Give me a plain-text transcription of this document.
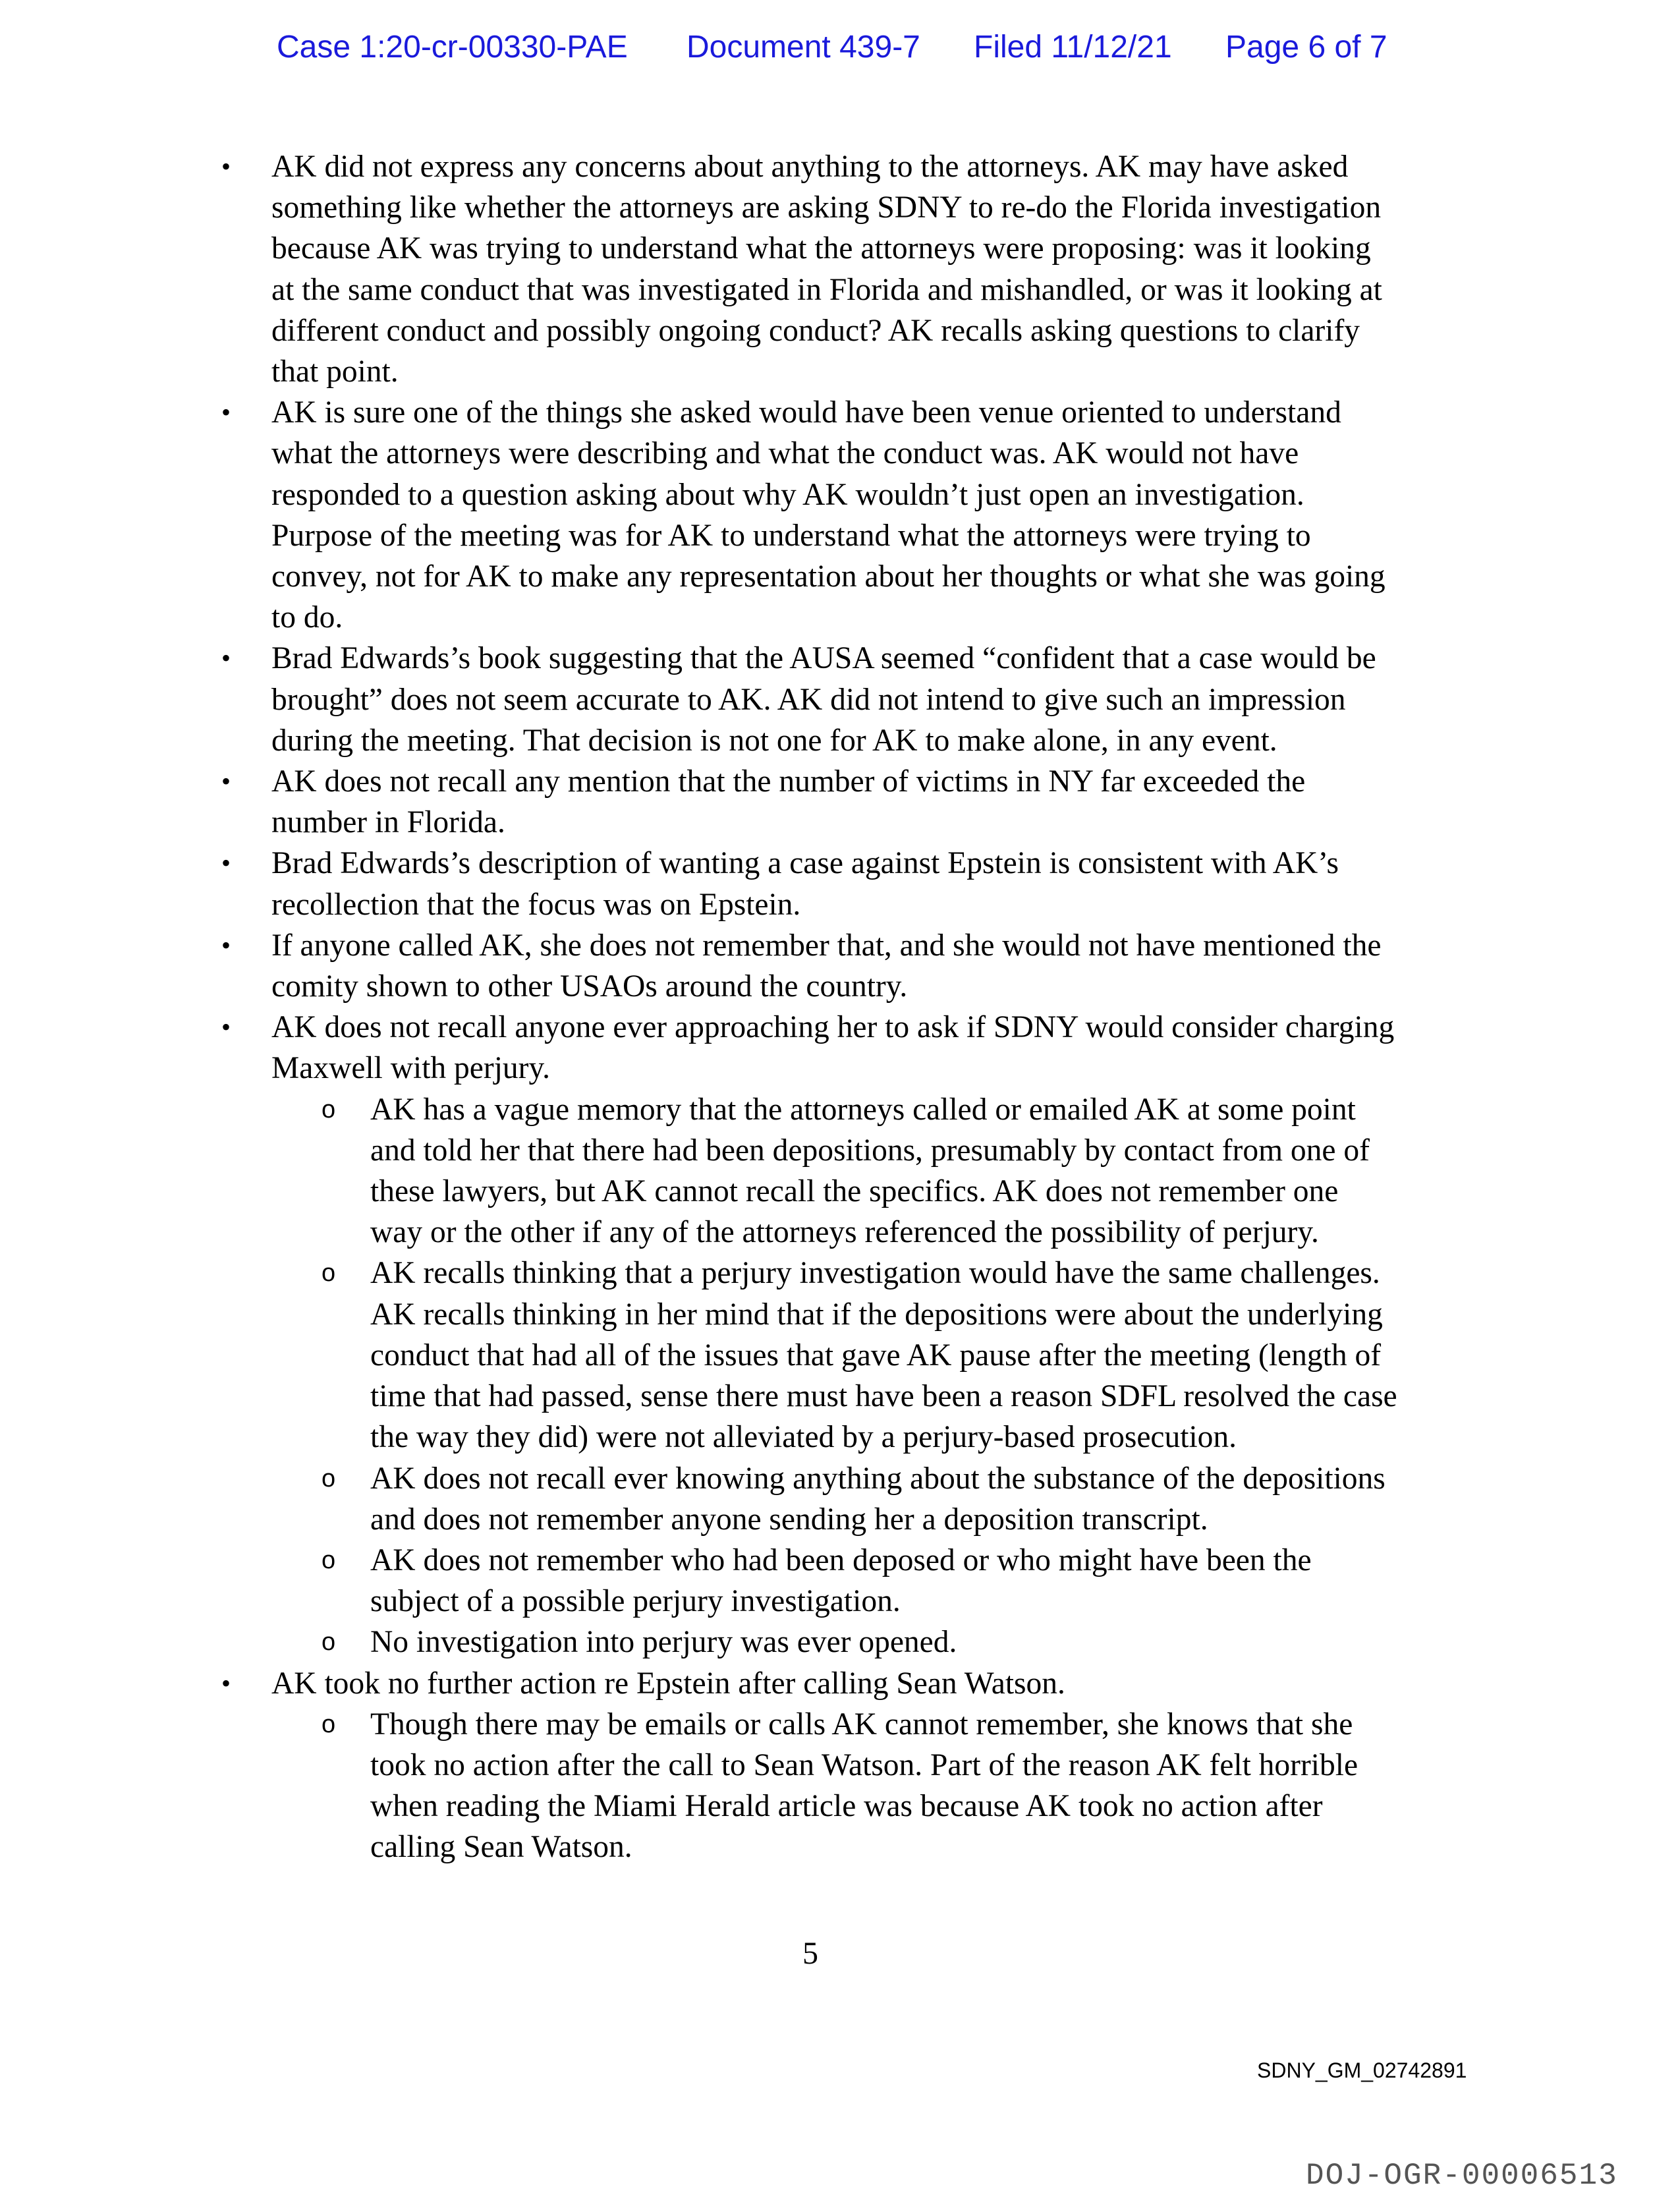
Case 1:20-cr-00330-PAE Document 439-7 Filed 11/12/21 Page 6 of 7
• AK did not express any concerns about anything to the attorneys. AK may have asked
something like whether the attorneys are asking SDNY to re-do the Florida investigation
because AK was trying to understand what the attorneys were proposing: was it looking
at the same conduct that was investigated in Florida and mishandled, or was it looking at
different conduct and possibly ongoing conduct? AK recalls asking questions to clarify
that point.
• AK is sure one of the things she asked would have been venue oriented to understand
what the attorneys were describing and what the conduct was. AK would not have
responded to a question asking about why AK wouldn’t just open an investigation.
Purpose of the meeting was for AK to understand what the attorneys were trying to
convey, not for AK to make any representation about her thoughts or what she was going
to do.
• Brad Edwards’s book suggesting that the AUSA seemed “confident that a case would be
brought” does not seem accurate to AK. AK did not intend to give such an impression
during the meeting. That decision is not one for AK to make alone, in any event.
• AK does not recall any mention that the number of victims in NY far exceeded the
number in Florida.
• Brad Edwards’s description of wanting a case against Epstein is consistent with AK’s
recollection that the focus was on Epstein.
• If anyone called AK, she does not remember that, and she would not have mentioned the
comity shown to other USAOs around the country.
• AK does not recall anyone ever approaching her to ask if SDNY would consider charging
Maxwell with perjury.
o AK has a vague memory that the attorneys called or emailed AK at some point
and told her that there had been depositions, presumably by contact from one of
these lawyers, but AK cannot recall the specifics. AK does not remember one
way or the other if any of the attorneys referenced the possibility of perjury.
o AK recalls thinking that a perjury investigation would have the same challenges.
AK recalls thinking in her mind that if the depositions were about the underlying
conduct that had all of the issues that gave AK pause after the meeting (length of
time that had passed, sense there must have been a reason SDFL resolved the case
the way they did) were not alleviated by a perjury-based prosecution.
o AK does not recall ever knowing anything about the substance of the depositions
and does not remember anyone sending her a deposition transcript.
o AK does not remember who had been deposed or who might have been the
subject of a possible perjury investigation.
o No investigation into perjury was ever opened.
• AK took no further action re Epstein after calling Sean Watson.
o Though there may be emails or calls AK cannot remember, she knows that she
took no action after the call to Sean Watson. Part of the reason AK felt horrible
when reading the Miami Herald article was because AK took no action after
calling Sean Watson.
5
SDNY_GM_02742891
DOJ-OGR-00006513
